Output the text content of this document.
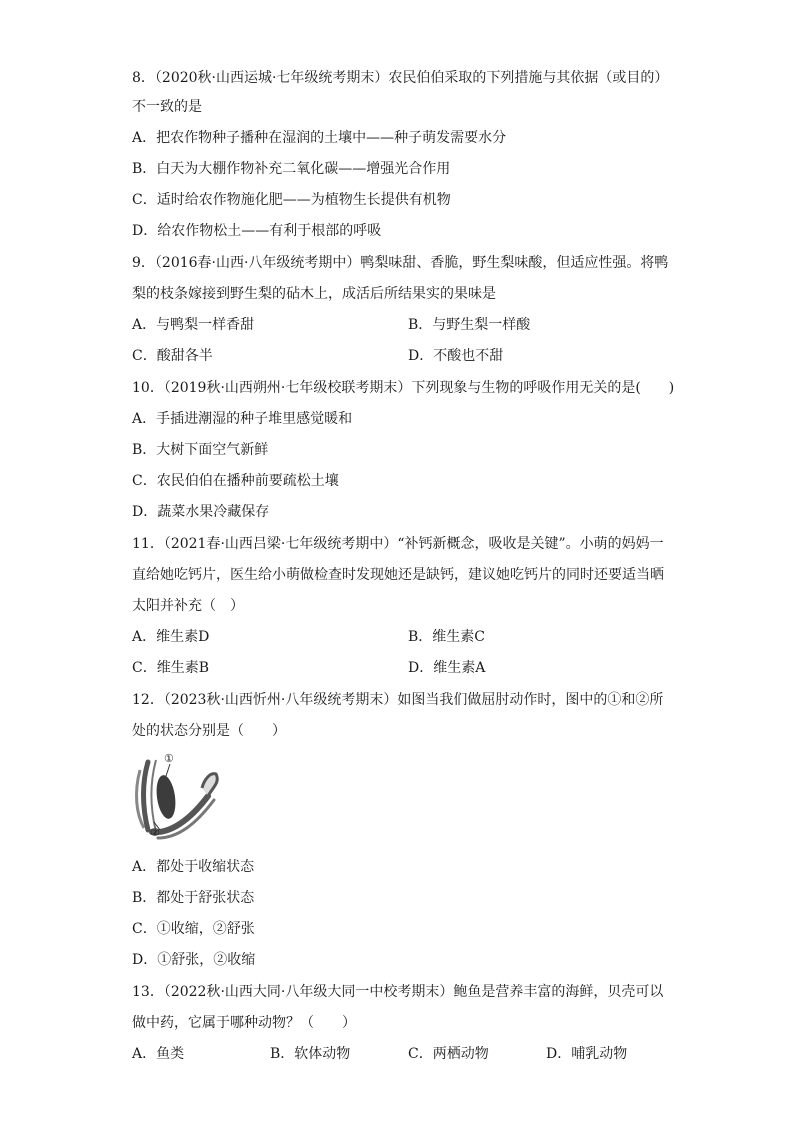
8．（2020秋·山西运城·七年级统考期末）农民伯伯采取的下列措施与其依据（或目的）
不一致的是
A．把农作物种子播种在湿润的土壤中——种子萌发需要水分
B．白天为大棚作物补充二氧化碳——增强光合作用
C．适时给农作物施化肥——为植物生长提供有机物
D．给农作物松土——有利于根部的呼吸
9．（2016春·山西·八年级统考期中）鸭梨味甜、香脆，野生梨味酸，但适应性强。将鸭
梨的枝条嫁接到野生梨的砧木上，成活后所结果实的果味是
A．与鸭梨一样香甜	B．与野生梨一样酸
C．酸甜各半	D．不酸也不甜
10．（2019秋·山西朔州·七年级校联考期末）下列现象与生物的呼吸作用无关的是(　　)
A．手插进潮湿的种子堆里感觉暖和
B．大树下面空气新鲜
C．农民伯伯在播种前要疏松土壤
D．蔬菜水果冷藏保存
11．（2021春·山西吕梁·七年级统考期中）“补钙新概念，吸收是关键”。小萌的妈妈一
直给她吃钙片，医生给小萌做检查时发现她还是缺钙，建议她吃钙片的同时还要适当晒
太阳并补充（　）
A．维生素D	B．维生素C
C．维生素B	D．维生素A
12．（2023秋·山西忻州·八年级统考期末）如图当我们做屈肘动作时，图中的①和②所
处的状态分别是（　　）
①
②
A．都处于收缩状态
B．都处于舒张状态
C．①收缩，②舒张
D．①舒张，②收缩
13．（2022秋·山西大同·八年级大同一中校考期末）鲍鱼是营养丰富的海鲜，贝壳可以
做中药，它属于哪种动物？（　　）
A．鱼类	B．软体动物	C．两栖动物	D．哺乳动物
